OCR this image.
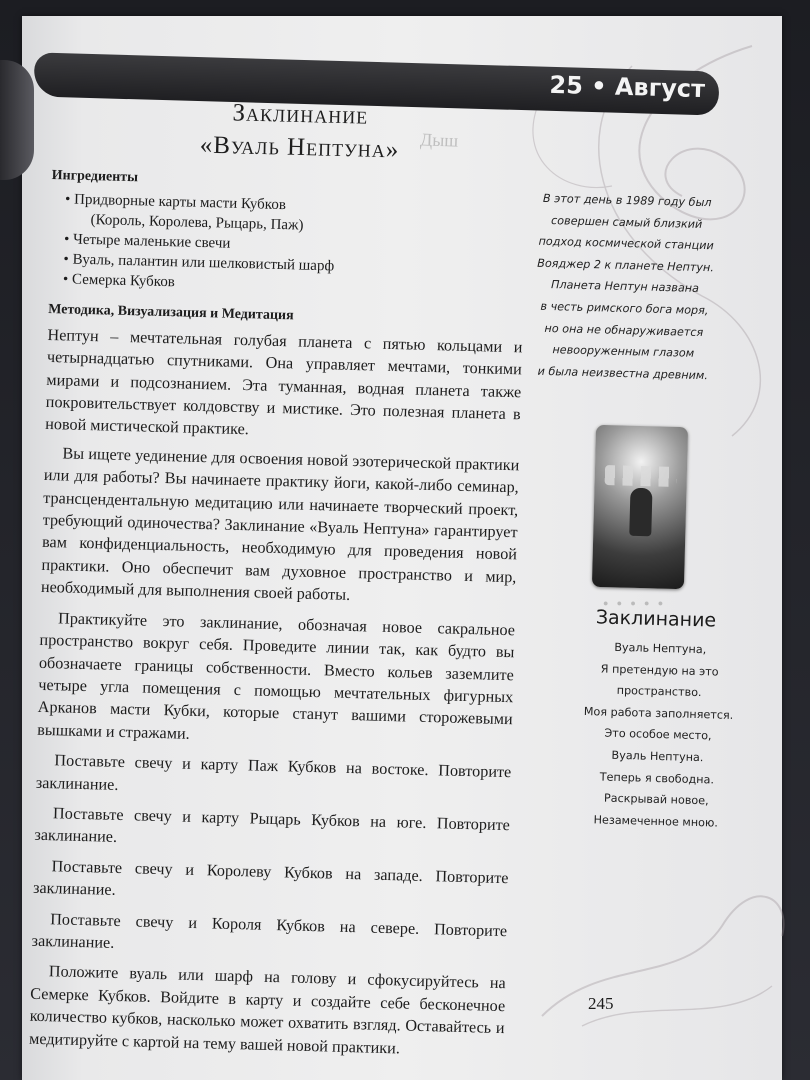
25 • Август
Заклинание
«Вуаль Нептуна»	Дыш
Ингредиенты
• Придворные карты масти Кубков
(Король, Королева, Рыцарь, Паж)
• Четыре маленькие свечи
• Вуаль, палантин или шелковистый шарф
• Семерка Кубков
Методика, Визуализация и Медитация

Нептун – мечтательная голубая планета с пятью кольцами и четырнадцатью спутниками. Она управляет мечтами, тонкими мирами и подсознанием. Эта туманная, водная планета также покровительствует колдовству и мистике. Это полезная планета в новой мистической практике.

Вы ищете уединение для освоения новой эзотерической практики или для работы? Вы начинаете практику йоги, какой-либо семинар, трансцендентальную медитацию или начинаете творческий проект, требующий одиночества? Заклинание «Вуаль Нептуна» гарантирует вам конфиденциальность, необходимую для проведения новой практики. Оно обеспечит вам духовное пространство и мир, необходимый для выполнения своей работы.

Практикуйте это заклинание, обозначая новое сакральное пространство вокруг себя. Проведите линии так, как будто вы обозначаете границы собственности. Вместо кольев заземлите четыре угла помещения с помощью мечтательных фигурных Арканов масти Кубки, которые станут вашими сторожевыми вышками и стражами.

Поставьте свечу и карту Паж Кубков на востоке. Повторите заклинание.

Поставьте свечу и карту Рыцарь Кубков на юге. Повторите заклинание.

Поставьте свечу и Королеву Кубков на западе. Повторите заклинание.

Поставьте свечу и Короля Кубков на севере. Повторите заклинание.

Положите вуаль или шарф на голову и сфокусируйтесь на Семерке Кубков. Войдите в карту и создайте себе бесконечное количество кубков, насколько может охватить взгляд. Оставайтесь и медитируйте с картой на тему вашей новой практики.

В этот день в 1989 году был
совершен самый близкий
подход космической станции
Вояджер 2 к планете Нептун.
Планета Нептун названа
в честь римского бога моря,
но она не обнаруживается
невооруженным глазом
и была неизвестна древним.
● ● ● ● ●
Заклинание
Вуаль Нептуна,
Я претендую на это
пространство.
Моя работа заполняется.
Это особое место,
Вуаль Нептуна.
Теперь я свободна.
Раскрывай новое,
Незамеченное мною.
245
